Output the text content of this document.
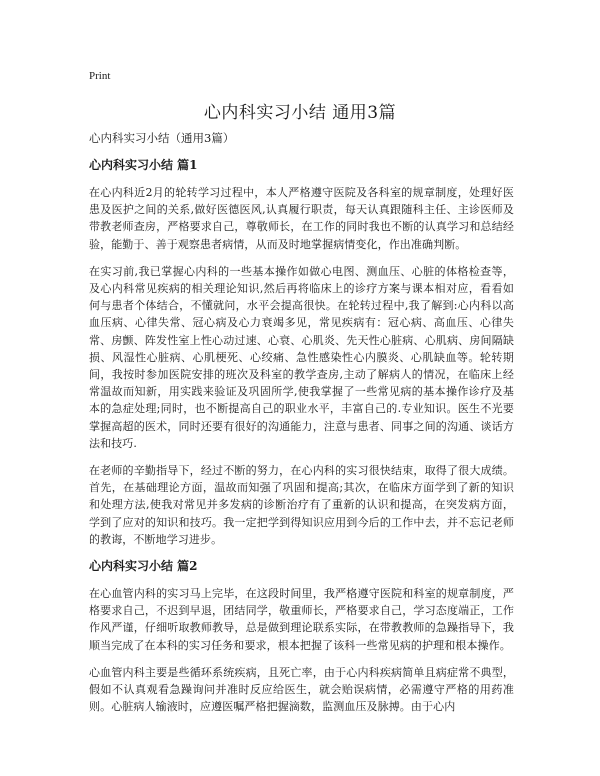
Print
心内科实习小结 通用3篇

心内科实习小结（通用3篇）

心内科实习小结 篇1

在心内科近2月的轮转学习过程中，本人严格遵守医院及各科室的规章制度，处理好医患及医护之间的关系,做好医德医风,认真履行职责，每天认真跟随科主任、主诊医师及带教老师查房，严格要求自己，尊敬师长，在工作的同时我也不断的认真学习和总结经验，能勤于、善于观察患者病情，从而及时地掌握病情变化，作出准确判断。

在实习前,我已掌握心内科的一些基本操作如做心电图、测血压、心脏的体格检查等，及心内科常见疾病的相关理论知识,然后再将临床上的诊疗方案与课本相对应，看看如何与患者个体结合，不懂就问，水平会提高很快。在轮转过程中,我了解到:心内科以高血压病、心律失常、冠心病及心力衰竭多见，常见疾病有：冠心病、高血压、心律失常、房颤、阵发性室上性心动过速、心衰、心肌炎、先天性心脏病、心肌病、房间隔缺损、风湿性心脏病、心肌梗死、心绞痛、急性感染性心内膜炎、心肌缺血等。轮转期间，我按时参加医院安排的班次及科室的教学查房,主动了解病人的情况，在临床上经常温故而知新，用实践来验证及巩固所学,使我掌握了一些常见病的基本操作诊疗及基本的急症处理;同时，也不断提高自己的职业水平，丰富自己的.专业知识。医生不光要掌握高超的医术，同时还要有很好的沟通能力，注意与患者、同事之间的沟通、谈话方法和技巧.

在老师的辛勤指导下，经过不断的努力，在心内科的实习很快结束，取得了很大成绩。首先，在基础理论方面，温故而知强了巩固和提高;其次，在临床方面学到了新的知识和处理方法,使我对常见并多发病的诊断治疗有了重新的认识和提高，在突发病方面，学到了应对的知识和技巧。我一定把学到得知识应用到今后的工作中去，并不忘记老师的教诲，不断地学习进步。

心内科实习小结 篇2

在心血管内科的实习马上完毕，在这段时间里，我严格遵守医院和科室的规章制度，严格要求自己，不迟到早退，团结同学，敬重师长，严格要求自己，学习态度端正，工作作风严谨，仔细听取教师教导，总是做到理论联系实际，在带教教师的急躁指导下，我顺当完成了在本科的实习任务和要求，根本把握了该科一些常见病的护理和根本操作。

心血管内科主要是些循环系统疾病，且死亡率，由于心内科疾病简单且病症常不典型，假如不认真观看急躁询问并准时反应给医生，就会贻误病情，必需遵守严格的用药准则。心脏病人输液时，应遵医嘱严格把握滴数，监测血压及脉搏。由于心内
